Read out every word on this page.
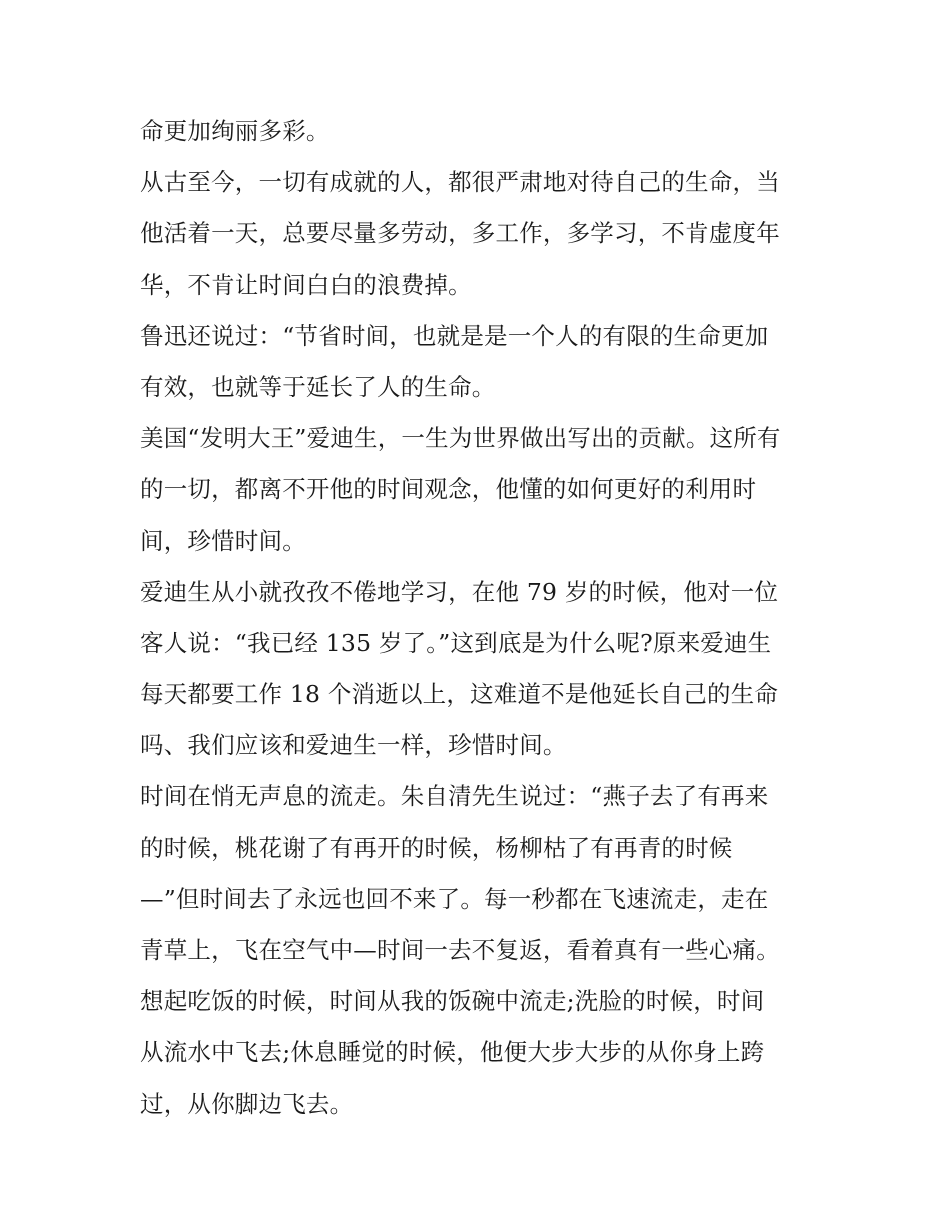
命更加绚丽多彩。
从古至今，一切有成就的人，都很严肃地对待自己的生命，当
他活着一天，总要尽量多劳动，多工作，多学习，不肯虚度年
华，不肯让时间白白的浪费掉。
鲁迅还说过：“节省时间，也就是是一个人的有限的生命更加
有效，也就等于延长了人的生命。
美国“发明大王”爱迪生，一生为世界做出写出的贡献。这所有
的一切，都离不开他的时间观念，他懂的如何更好的利用时
间，珍惜时间。
爱迪生从小就孜孜不倦地学习，在他 79 岁的时候，他对一位
客人说：“我已经 135 岁了。”这到底是为什么呢?原来爱迪生
每天都要工作 18 个消逝以上，这难道不是他延长自己的生命
吗、我们应该和爱迪生一样，珍惜时间。
时间在悄无声息的流走。朱自清先生说过：“燕子去了有再来
的时候，桃花谢了有再开的时候，杨柳枯了有再青的时候
—”但时间去了永远也回不来了。每一秒都在飞速流走，走在
青草上，飞在空气中—时间一去不复返，看着真有一些心痛。
想起吃饭的时候，时间从我的饭碗中流走;洗脸的时候，时间
从流水中飞去;休息睡觉的时候，他便大步大步的从你身上跨
过，从你脚边飞去。
